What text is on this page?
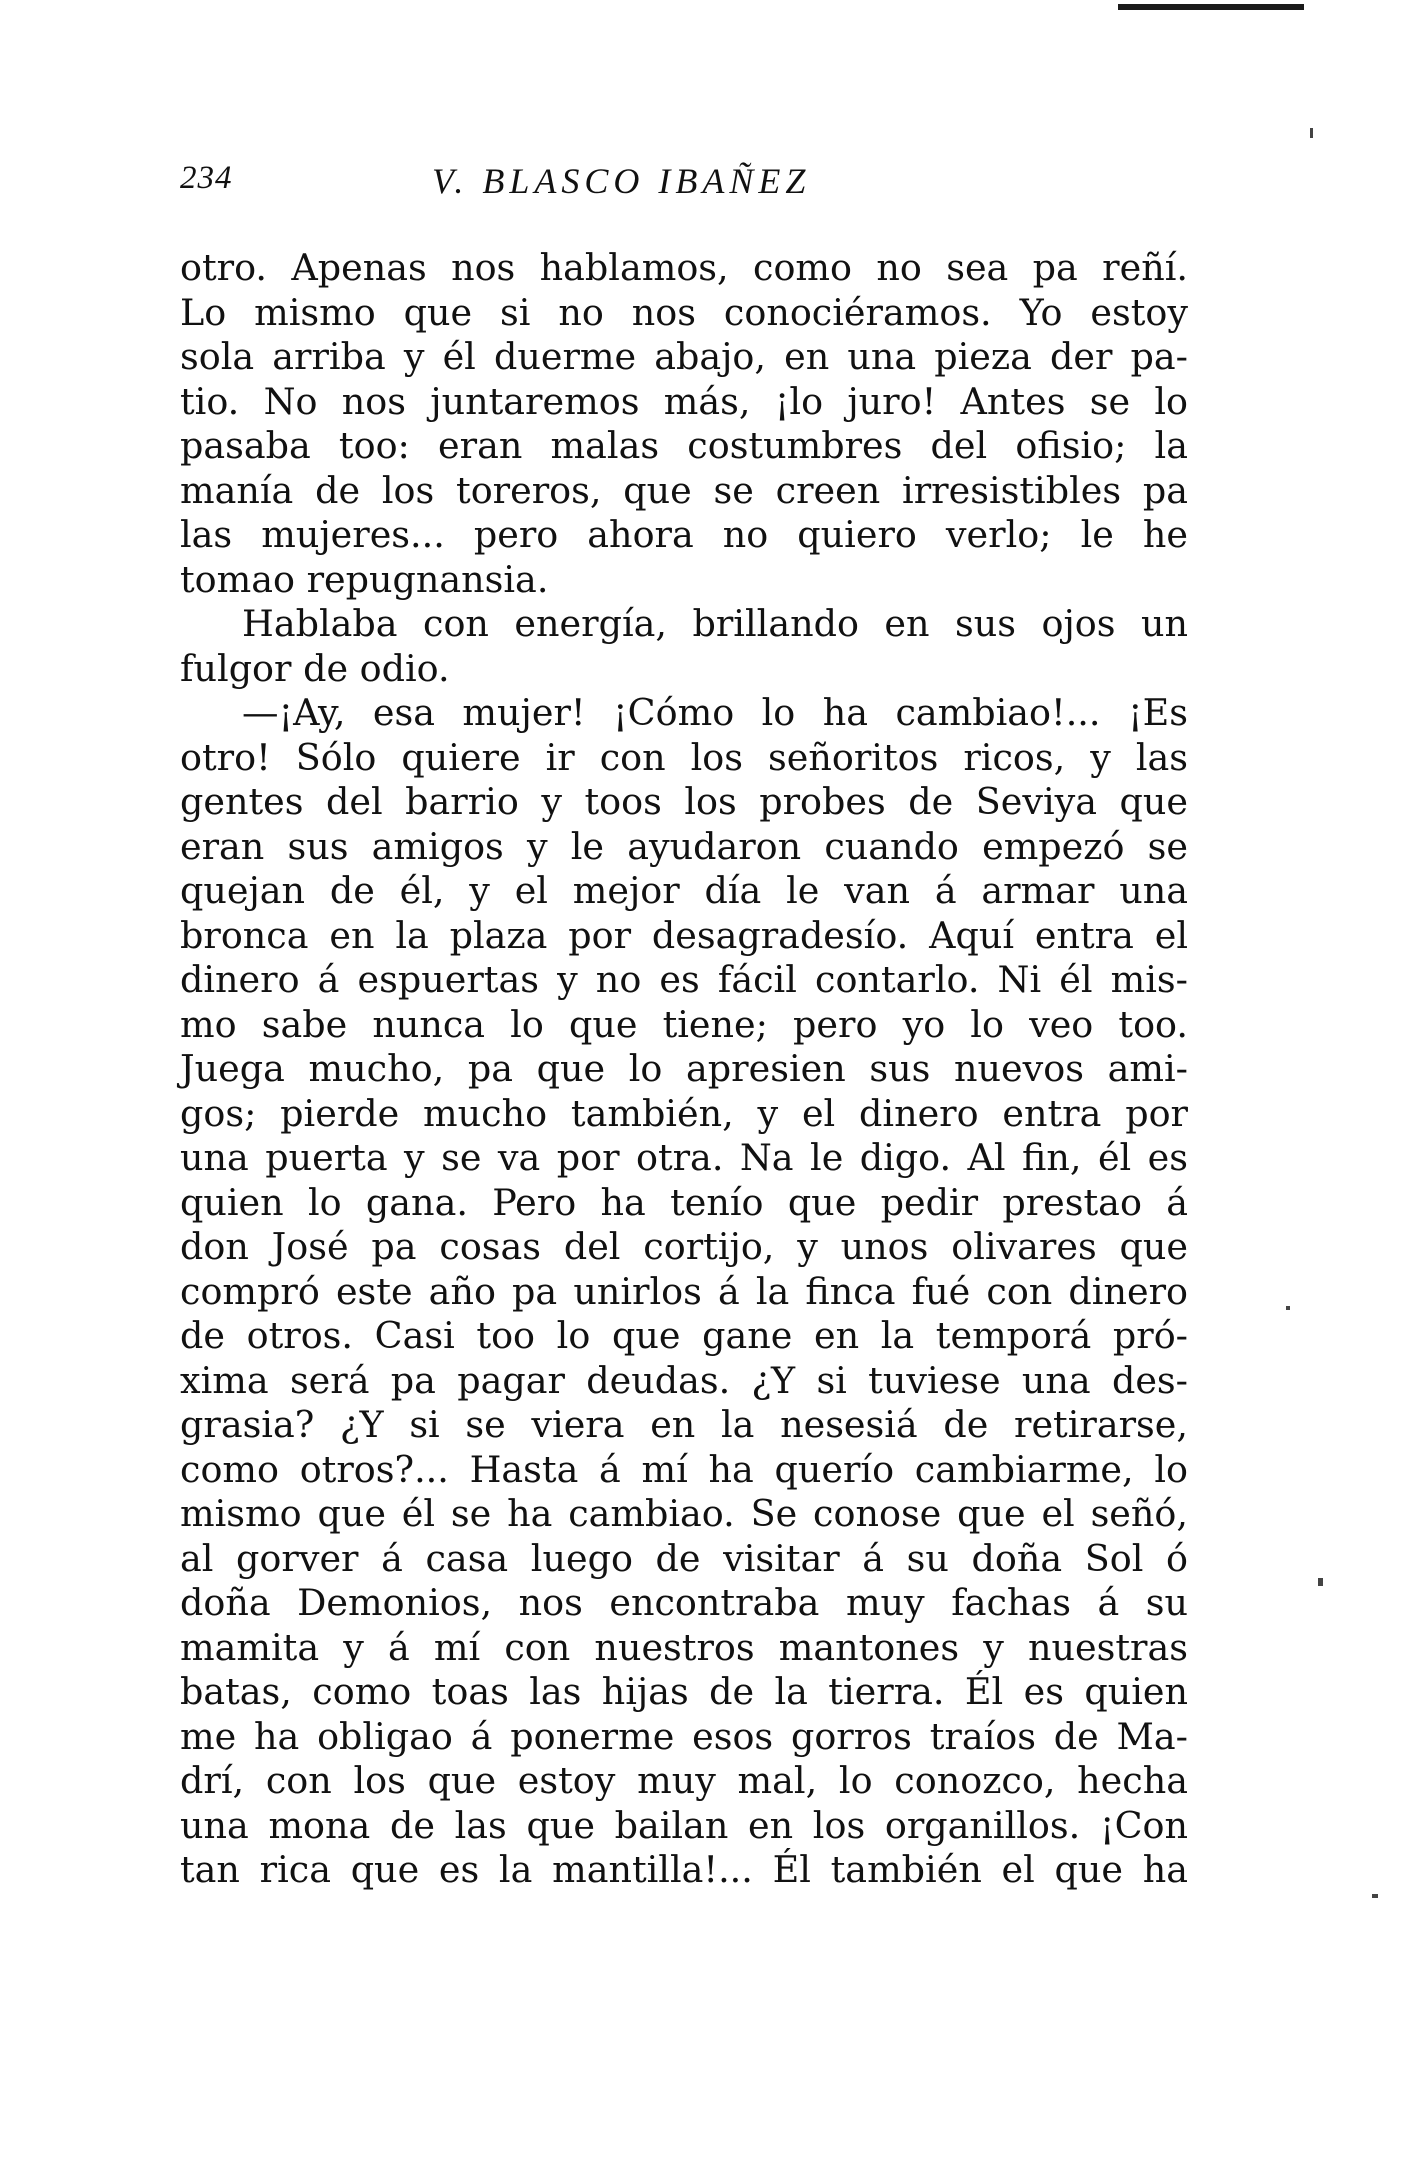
234	V. BLASCO IBAÑEZ
otro. Apenas nos hablamos, como no sea pa reñí.
Lo mismo que si no nos conociéramos. Yo estoy
sola arriba y él duerme abajo, en una pieza der pa-
tio. No nos juntaremos más, ¡lo juro! Antes se lo
pasaba too: eran malas costumbres del ofisio; la
manía de los toreros, que se creen irresistibles pa
las mujeres... pero ahora no quiero verlo; le he
tomao repugnansia.
Hablaba con energía, brillando en sus ojos un
fulgor de odio.
—¡Ay, esa mujer! ¡Cómo lo ha cambiao!... ¡Es
otro! Sólo quiere ir con los señoritos ricos, y las
gentes del barrio y toos los probes de Seviya que
eran sus amigos y le ayudaron cuando empezó se
quejan de él, y el mejor día le van á armar una
bronca en la plaza por desagradesío. Aquí entra el
dinero á espuertas y no es fácil contarlo. Ni él mis-
mo sabe nunca lo que tiene; pero yo lo veo too.
Juega mucho, pa que lo apresien sus nuevos ami-
gos; pierde mucho también, y el dinero entra por
una puerta y se va por otra. Na le digo. Al fin, él es
quien lo gana. Pero ha tenío que pedir prestao á
don José pa cosas del cortijo, y unos olivares que
compró este año pa unirlos á la finca fué con dinero
de otros. Casi too lo que gane en la temporá pró-
xima será pa pagar deudas. ¿Y si tuviese una des-
grasia? ¿Y si se viera en la nesesiá de retirarse,
como otros?... Hasta á mí ha querío cambiarme, lo
mismo que él se ha cambiao. Se conose que el señó,
al gorver á casa luego de visitar á su doña Sol ó
doña Demonios, nos encontraba muy fachas á su
mamita y á mí con nuestros mantones y nuestras
batas, como toas las hijas de la tierra. Él es quien
me ha obligao á ponerme esos gorros traíos de Ma-
drí, con los que estoy muy mal, lo conozco, hecha
una mona de las que bailan en los organillos. ¡Con
tan rica que es la mantilla!... Él también el que ha
